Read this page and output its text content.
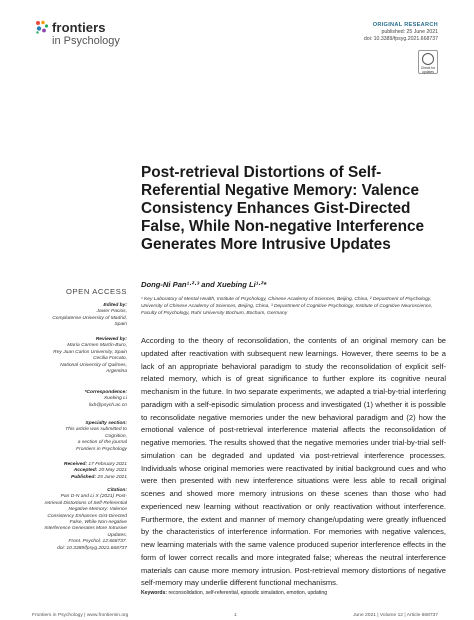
frontiers
in Psychology
ORIGINAL RESEARCH
published: 25 June 2021
doi: 10.3389/fpsyg.2021.668737
Check for
updates
Post-retrieval Distortions of Self-Referential Negative Memory: Valence Consistency Enhances Gist-Directed False, While Non-negative Interference Generates More Intrusive Updates
Dong-Ni Pan¹·²·³ and Xuebing Li¹·²*
¹ Key Laboratory of Mental Health, Institute of Psychology, Chinese Academy of Sciences, Beijing, China, ² Department of Psychology, University of Chinese Academy of Sciences, Beijing, China, ³ Department of Cognitive Psychology, Institute of Cognitive Neuroscience, Faculty of Psychology, Ruhr University Bochum, Bochum, Germany
OPEN ACCESS
Edited by:
Javier Pacios,
Complutense University of Madrid,
Spain
Reviewed by:
María Carmen Martín-Buro,
Rey Juan Carlos University, Spain
Cecilia Forcato,
National University of Quilmes,
Argentina
*Correspondence:
Xuebing Li
lixb@psych.ac.cn
Specialty section:
This article was submitted to
Cognition,
a section of the journal
Frontiers in Psychology
Received: 17 February 2021
Accepted: 20 May 2021
Published: 25 June 2021
Citation:
Pan D-N and Li X (2021) Post-
retrieval Distortions of Self-Referential
Negative Memory: Valence
Consistency Enhances Gist-Directed
False, While Non-negative
Interference Generates More Intrusive
Updates.
Front. Psychol. 12:668737.
doi: 10.3389/fpsyg.2021.668737
According to the theory of reconsolidation, the contents of an original memory can be updated after reactivation with subsequent new learnings. However, there seems to be a lack of an appropriate behavioral paradigm to study the reconsolidation of explicit self-related memory, which is of great significance to further explore its cognitive neural mechanism in the future. In two separate experiments, we adapted a trial-by-trial interfering paradigm with a self-episodic simulation process and investigated (1) whether it is possible to reconsolidate negative memories under the new behavioral paradigm and (2) how the emotional valence of post-retrieval interference material affects the reconsolidation of negative memories. The results showed that the negative memories under trial-by-trial self-simulation can be degraded and updated via post-retrieval interference processes. Individuals whose original memories were reactivated by initial background cues and who were then presented with new interference situations were less able to recall original scenes and showed more memory intrusions on these scenes than those who had experienced new learning without reactivation or only reactivation without interference. Furthermore, the extent and manner of memory change/updating were greatly influenced by the characteristics of interference information. For memories with negative valences, new learning materials with the same valence produced superior interference effects in the form of lower correct recalls and more integrated false; whereas the neutral interference materials can cause more memory intrusion. Post-retrieval memory distortions of negative self-memory may underlie different functional mechanisms.
Keywords: reconsolidation, self-referential, episodic simulation, emotion, updating
Frontiers in Psychology | www.frontiersin.org	1	June 2021 | Volume 12 | Article 668737
